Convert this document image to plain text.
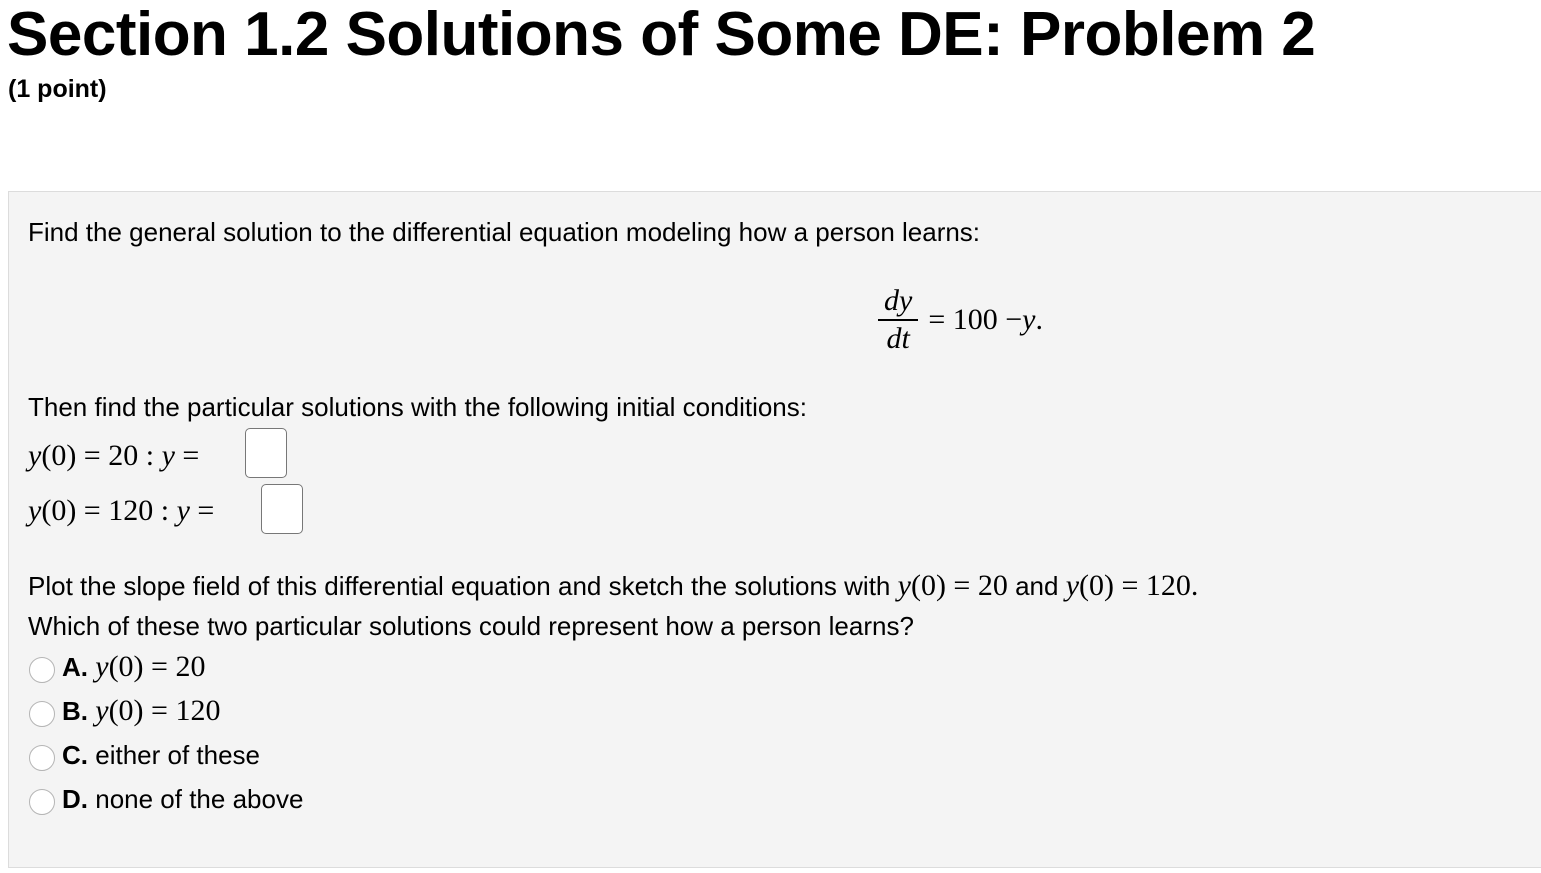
Section 1.2 Solutions of Some DE: Problem 2
(1 point)
Find the general solution to the differential equation modeling how a person learns:
$\frac{dy}{dt} = 100 - y$ .
Then find the particular solutions with the following initial conditions:
y(0) = 20 : y =
y(0) = 120 : y =
Plot the slope field of this differential equation and sketch the solutions with y(0) = 20 and y(0) = 120.
Which of these two particular solutions could represent how a person learns?
A. y(0) = 20
B. y(0) = 120
C. either of these
D. none of the above
